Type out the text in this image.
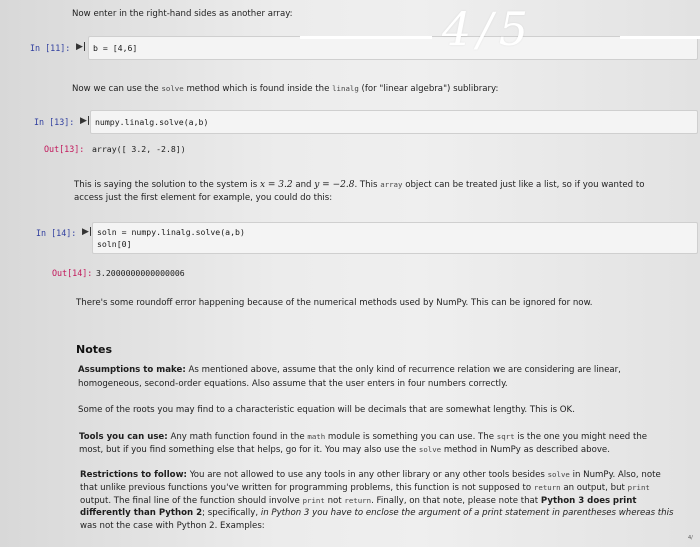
Now enter in the right-hand sides as another array:
In [11]: ▶| b = [4,6]
Now we can use the solve method which is found inside the linalg (for "linear algebra") sublibrary:
In [13]: ▶| numpy.linalg.solve(a,b)
Out[13]: array([ 3.2, -2.8])
This is saying the solution to the system is x = 3.2 and y = −2.8. This array object can be treated just like a list, so if you wanted to
access just the first element for example, you could do this:
In [14]: ▶| soln = numpy.linalg.solve(a,b)
soln[0]
Out[14]: 3.2000000000000006
There's some roundoff error happening because of the numerical methods used by NumPy. This can be ignored for now.
Notes
Assumptions to make: As mentioned above, assume that the only kind of recurrence relation we are considering are linear,
homogeneous, second-order equations. Also assume that the user enters in four numbers correctly.
Some of the roots you may find to a characteristic equation will be decimals that are somewhat lengthy. This is OK.
Tools you can use: Any math function found in the math module is something you can use. The sqrt is the one you might need the
most, but if you find something else that helps, go for it. You may also use the solve method in NumPy as described above.
Restrictions to follow: You are not allowed to use any tools in any other library or any other tools besides solve in NumPy. Also, note
that unlike previous functions you've written for programming problems, this function is not supposed to return an output, but print
output. The final line of the function should involve print not return. Finally, on that note, please note that Python 3 does print
differently than Python 2; specifically, in Python 3 you have to enclose the argument of a print statement in parentheses whereas this
was not the case with Python 2. Examples:
4/5
4/
